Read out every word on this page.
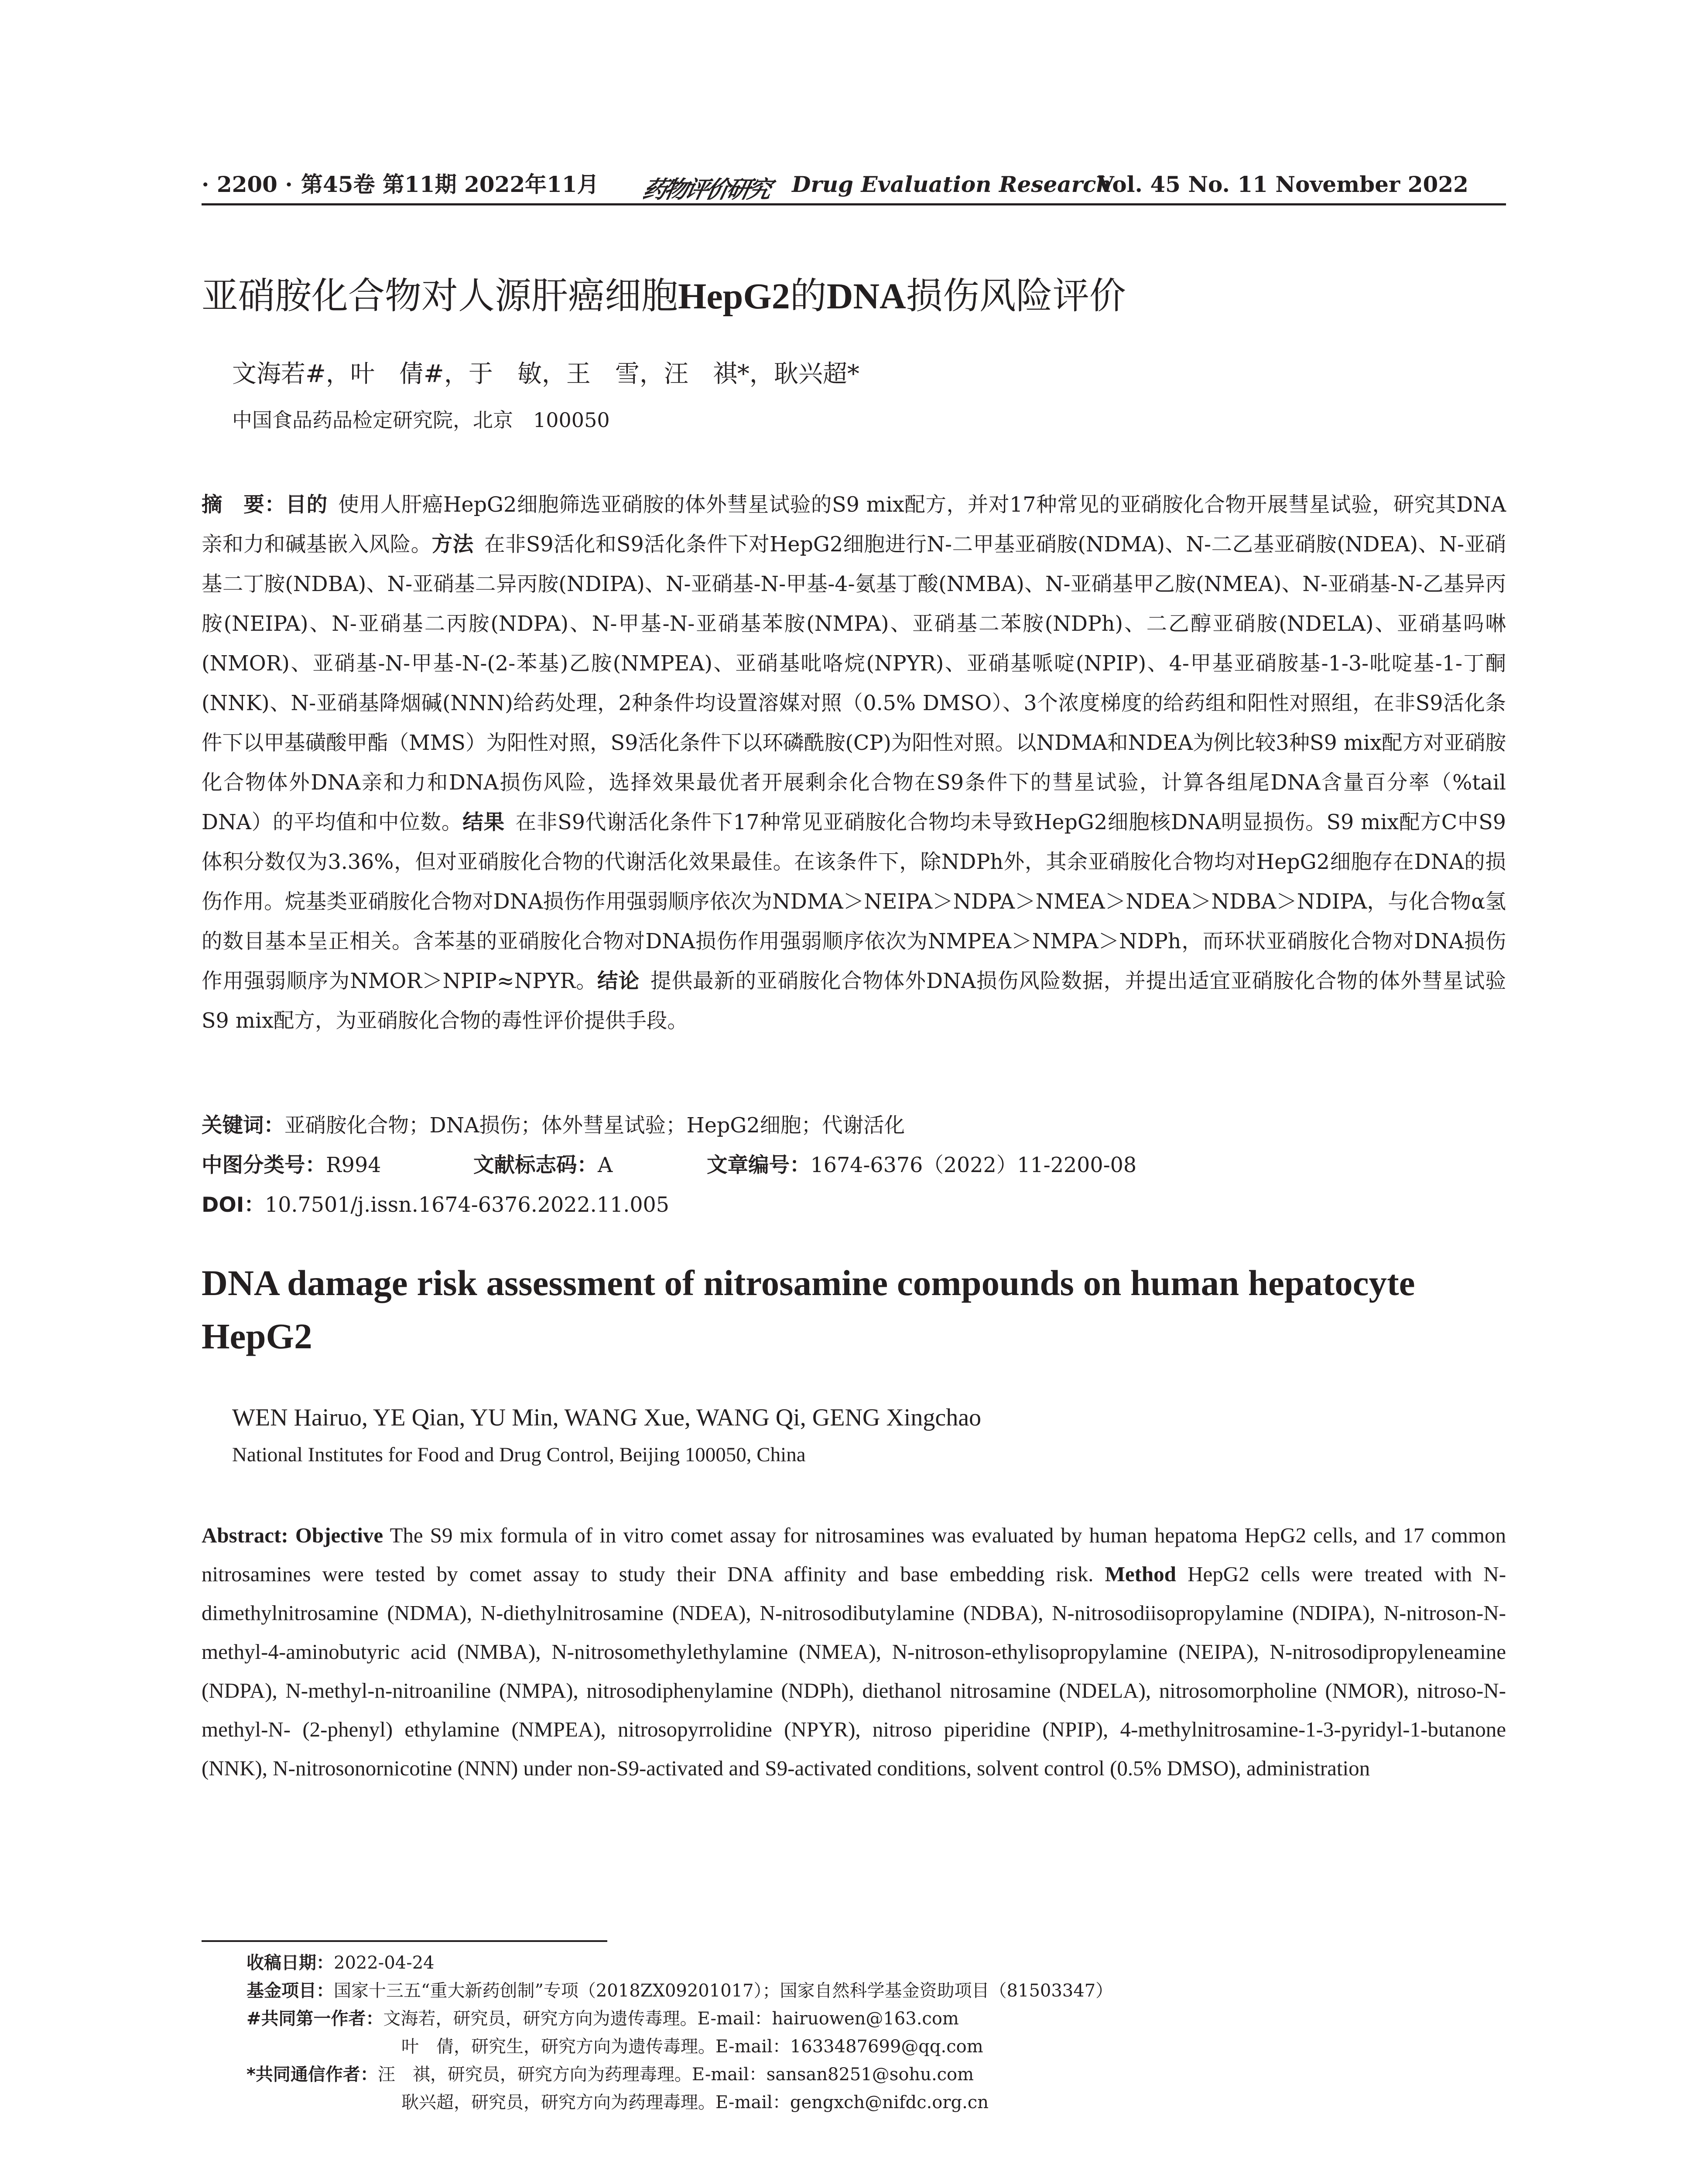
· 2200 · 第45卷 第11期 2022年11月 药物评价研究 Drug Evaluation Research
Vol. 45 No. 11 November 2022
亚硝胺化合物对人源肝癌细胞HepG2的DNA损伤风险评价
文海若#，叶　倩#，于　敏，王　雪，汪　祺*，耿兴超*
中国食品药品检定研究院，北京　100050
摘　要：目的  使用人肝癌HepG2细胞筛选亚硝胺的体外彗星试验的S9 mix配方，并对17种常见的亚硝胺化合物开展彗星试验，研究其DNA亲和力和碱基嵌入风险。方法  在非S9活化和S9活化条件下对HepG2细胞进行N-二甲基亚硝胺(NDMA)、N-二乙基亚硝胺(NDEA)、N-亚硝基二丁胺(NDBA)、N-亚硝基二异丙胺(NDIPA)、N-亚硝基-N-甲基-4-氨基丁酸(NMBA)、N-亚硝基甲乙胺(NMEA)、N-亚硝基-N-乙基异丙胺(NEIPA)、N-亚硝基二丙胺(NDPA)、N-甲基-N-亚硝基苯胺(NMPA)、亚硝基二苯胺(NDPh)、二乙醇亚硝胺(NDELA)、亚硝基吗啉(NMOR)、亚硝基-N-甲基-N-(2-苯基)乙胺(NMPEA)、亚硝基吡咯烷(NPYR)、亚硝基哌啶(NPIP)、4-甲基亚硝胺基-1-3-吡啶基-1-丁酮(NNK)、N-亚硝基降烟碱(NNN)给药处理，2种条件均设置溶媒对照（0.5% DMSO）、3个浓度梯度的给药组和阳性对照组，在非S9活化条件下以甲基磺酸甲酯（MMS）为阳性对照，S9活化条件下以环磷酰胺(CP)为阳性对照。以NDMA和NDEA为例比较3种S9 mix配方对亚硝胺化合物体外DNA亲和力和DNA损伤风险，选择效果最优者开展剩余化合物在S9条件下的彗星试验，计算各组尾DNA含量百分率（%tail DNA）的平均值和中位数。结果  在非S9代谢活化条件下17种常见亚硝胺化合物均未导致HepG2细胞核DNA明显损伤。S9 mix配方C中S9体积分数仅为3.36%，但对亚硝胺化合物的代谢活化效果最佳。在该条件下，除NDPh外，其余亚硝胺化合物均对HepG2细胞存在DNA的损伤作用。烷基类亚硝胺化合物对DNA损伤作用强弱顺序依次为NDMA＞NEIPA＞NDPA＞NMEA＞NDEA＞NDBA＞NDIPA，与化合物α氢的数目基本呈正相关。含苯基的亚硝胺化合物对DNA损伤作用强弱顺序依次为NMPEA＞NMPA＞NDPh，而环状亚硝胺化合物对DNA损伤作用强弱顺序为NMOR＞NPIP≈NPYR。结论  提供最新的亚硝胺化合物体外DNA损伤风险数据，并提出适宜亚硝胺化合物的体外彗星试验S9 mix配方，为亚硝胺化合物的毒性评价提供手段。
关键词：亚硝胺化合物；DNA损伤；体外彗星试验；HepG2细胞；代谢活化
中图分类号：R994	文献标志码：A	文章编号：1674-6376（2022）11-2200-08
DOI：10.7501/j.issn.1674-6376.2022.11.005
DNA damage risk assessment of nitrosamine compounds on human hepatocyte HepG2
WEN Hairuo, YE Qian, YU Min, WANG Xue, WANG Qi, GENG Xingchao
National Institutes for Food and Drug Control, Beijing 100050, China
Abstract: Objective The S9 mix formula of in vitro comet assay for nitrosamines was evaluated by human hepatoma HepG2 cells, and 17 common nitrosamines were tested by comet assay to study their DNA affinity and base embedding risk. Method HepG2 cells were treated with N-dimethylnitrosamine (NDMA), N-diethylnitrosamine (NDEA), N-nitrosodibutylamine (NDBA), N-nitrosodiisopropylamine (NDIPA), N-nitroson-N-methyl-4-aminobutyric acid (NMBA), N-nitrosomethylethylamine (NMEA), N-nitroson-ethylisopropylamine (NEIPA), N-nitrosodipropyleneamine (NDPA), N-methyl-n-nitroaniline (NMPA), nitrosodiphenylamine (NDPh), diethanol nitrosamine (NDELA), nitrosomorpholine (NMOR), nitroso-N-methyl-N- (2-phenyl) ethylamine (NMPEA), nitrosopyrrolidine (NPYR), nitroso piperidine (NPIP), 4-methylnitrosamine-1-3-pyridyl-1-butanone (NNK), N-nitrosonornicotine (NNN) under non-S9-activated and S9-activated conditions, solvent control (0.5% DMSO), administration
收稿日期：2022-04-24
基金项目：国家十三五“重大新药创制”专项（2018ZX09201017）；国家自然科学基金资助项目（81503347）
#共同第一作者：文海若，研究员，研究方向为遗传毒理。E-mail：hairuowen@163.com
叶　倩，研究生，研究方向为遗传毒理。E-mail：1633487699@qq.com
*共同通信作者：汪　祺，研究员，研究方向为药理毒理。E-mail：sansan8251@sohu.com
耿兴超，研究员，研究方向为药理毒理。E-mail：gengxch@nifdc.org.cn
